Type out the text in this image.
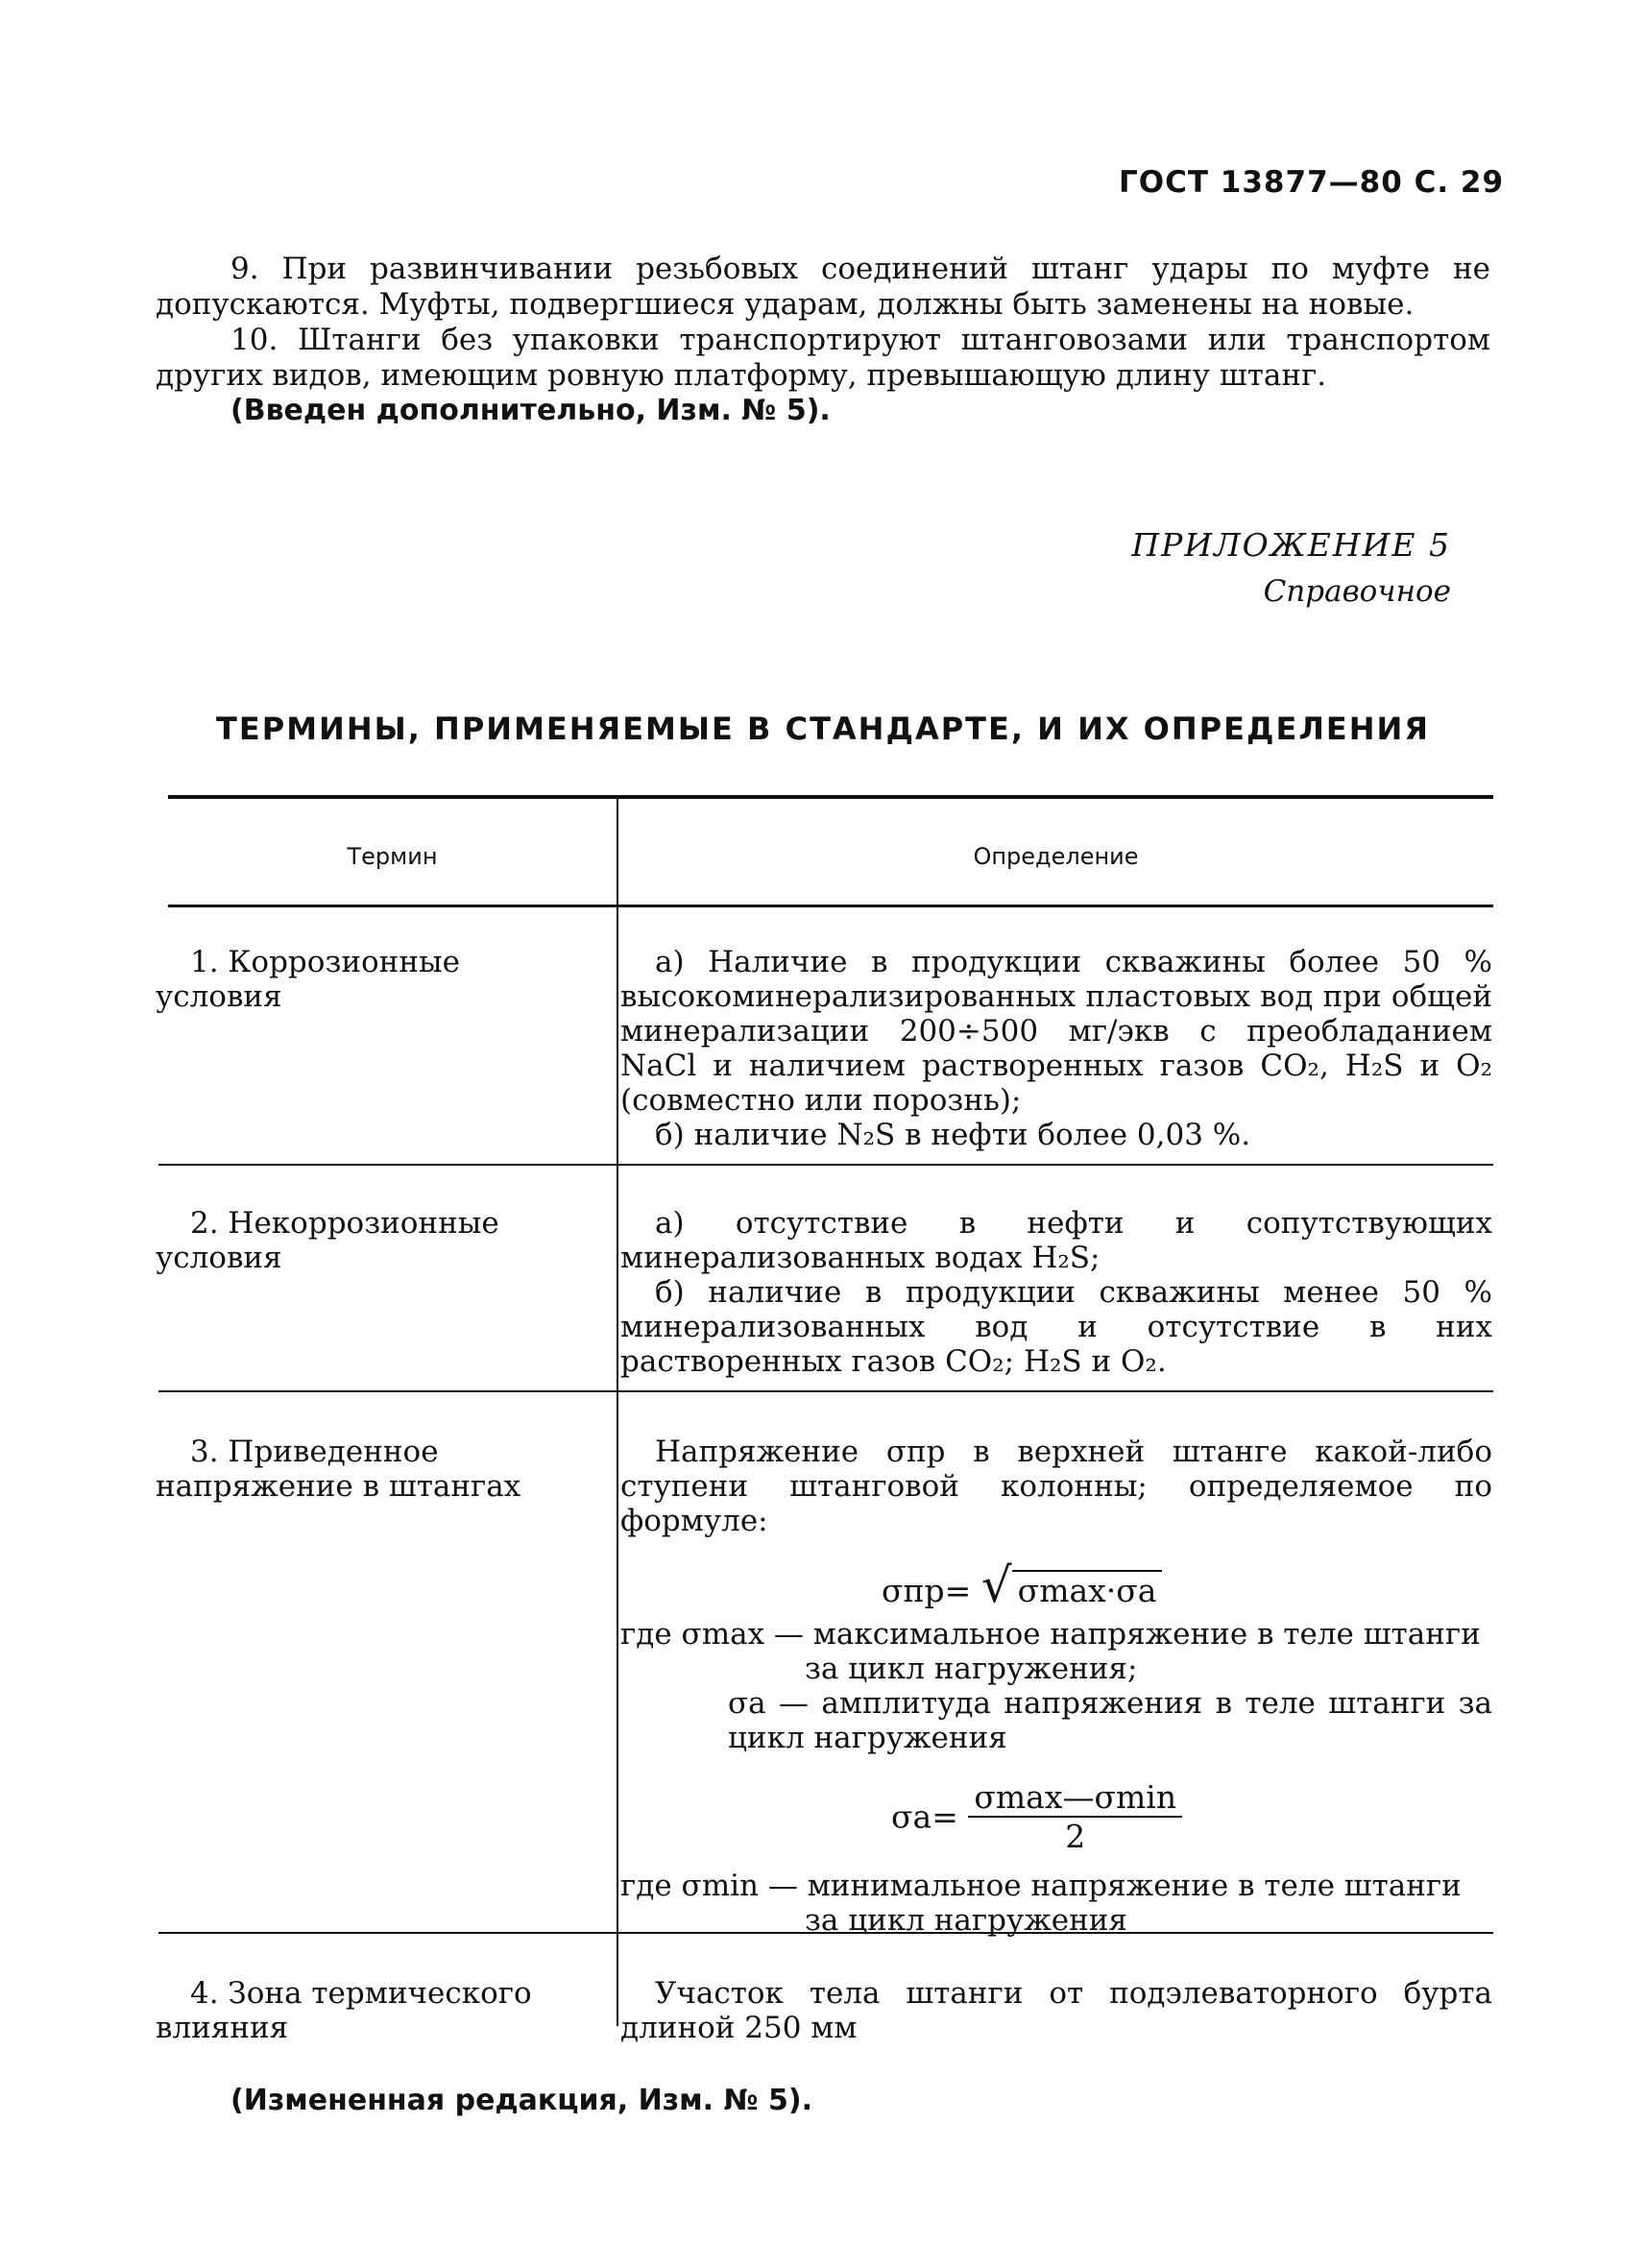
ГОСТ 13877—80 С. 29
9. При развинчивании резьбовых соединений штанг удары по муфте не допускаются. Муфты, подвергшиеся ударам, должны быть заменены на новые.
10. Штанги без упаковки транспортируют штанговозами или транспортом других видов, имеющим ровную платформу, превышающую длину штанг.
(Введен дополнительно, Изм. № 5).
ПРИЛОЖЕНИЕ 5
Справочное
ТЕРМИНЫ, ПРИМЕНЯЕМЫЕ В СТАНДАРТЕ, И ИХ ОПРЕДЕЛЕНИЯ
Термин	Определение
1. Коррозионные условия
а) Наличие в продукции скважины более 50 % высокоминерализированных пластовых вод при общей минерализации 200÷500 мг/экв с преобладанием NaCl и наличием растворенных газов CO₂, H₂S и O₂ (совместно или порознь);
б) наличие N₂S в нефти более 0,03 %.
2. Некоррозионные условия
а) отсутствие в нефти и сопутствующих минерализованных водах H₂S;
б) наличие в продукции скважины менее 50 % минерализованных вод и отсутствие в них растворенных газов CO₂; H₂S и O₂.
3. Приведенное напряжение в штангах
Напряжение σпр в верхней штанге какой-либо ступени штанговой колонны; определяемое по формуле:
σпр= √ σmax·σa
где σmax — максимальное напряжение в теле штанги за цикл нагружения;
σa — амплитуда напряжения в теле штанги за цикл нагружения
$\sigma a= \frac{\sigma\max—\sigma\min}{2}$
где σmin — минимальное напряжение в теле штанги за цикл нагружения
4. Зона термического влияния
Участок тела штанги от подэлеваторного бурта длиной 250 мм
(Измененная редакция, Изм. № 5).
